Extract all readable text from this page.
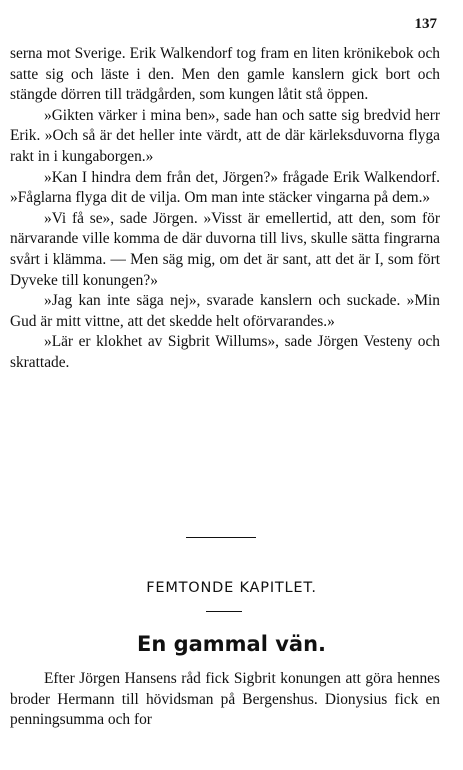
137

serna mot Sverige. Erik Walkendorf tog fram en liten krönikebok och satte sig och läste i den. Men den gamle kanslern gick bort och stängde dörren till trädgården, som kungen låtit stå öppen.

»Gikten värker i mina ben», sade han och satte sig bredvid herr Erik. »Och så är det heller inte värdt, att de där kärleksduvorna flyga rakt in i kungaborgen.»

»Kan I hindra dem från det, Jörgen?» frågade Erik Walkendorf. »Fåglarna flyga dit de vilja. Om man inte stäcker vingarna på dem.»

»Vi få se», sade Jörgen. »Visst är emellertid, att den, som för närvarande ville komma de där duvorna till livs, skulle sätta fingrarna svårt i klämma. — Men säg mig, om det är sant, att det är I, som fört Dyveke till konungen?»

»Jag kan inte säga nej», svarade kanslern och suckade. »Min Gud är mitt vittne, att det skedde helt oförvarandes.»

»Lär er klokhet av Sigbrit Willums», sade Jörgen Vesteny och skrattade.

FEMTONDE KAPITLET.
En gammal vän.

Efter Jörgen Hansens råd fick Sigbrit konungen att göra hennes broder Hermann till hövidsman på Bergenshus. Dionysius fick en penningsumma och for
